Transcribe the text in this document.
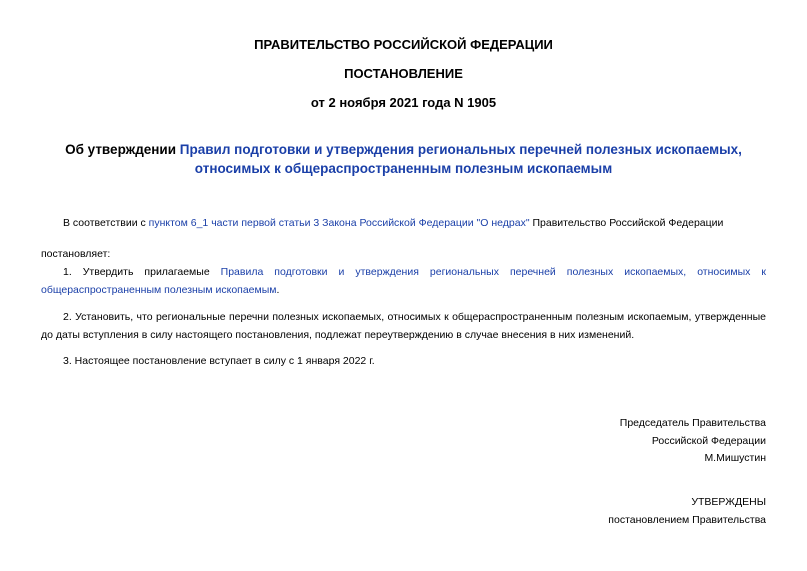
ПРАВИТЕЛЬСТВО РОССИЙСКОЙ ФЕДЕРАЦИИ
ПОСТАНОВЛЕНИЕ
от 2 ноября 2021 года N 1905
Об утверждении Правил подготовки и утверждения региональных перечней полезных ископаемых, относимых к общераспространенным полезным ископаемым
В соответствии с пунктом 6_1 части первой статьи 3 Закона Российской Федерации "О недрах" Правительство Российской Федерации
постановляет:
1. Утвердить прилагаемые Правила подготовки и утверждения региональных перечней полезных ископаемых, относимых к общераспространенным полезным ископаемым.
2. Установить, что региональные перечни полезных ископаемых, относимых к общераспространенным полезным ископаемым, утвержденные до даты вступления в силу настоящего постановления, подлежат переутверждению в случае внесения в них изменений.
3. Настоящее постановление вступает в силу с 1 января 2022 г.
Председатель Правительства
Российской Федерации
М.Мишустин
УТВЕРЖДЕНЫ
постановлением Правительства
